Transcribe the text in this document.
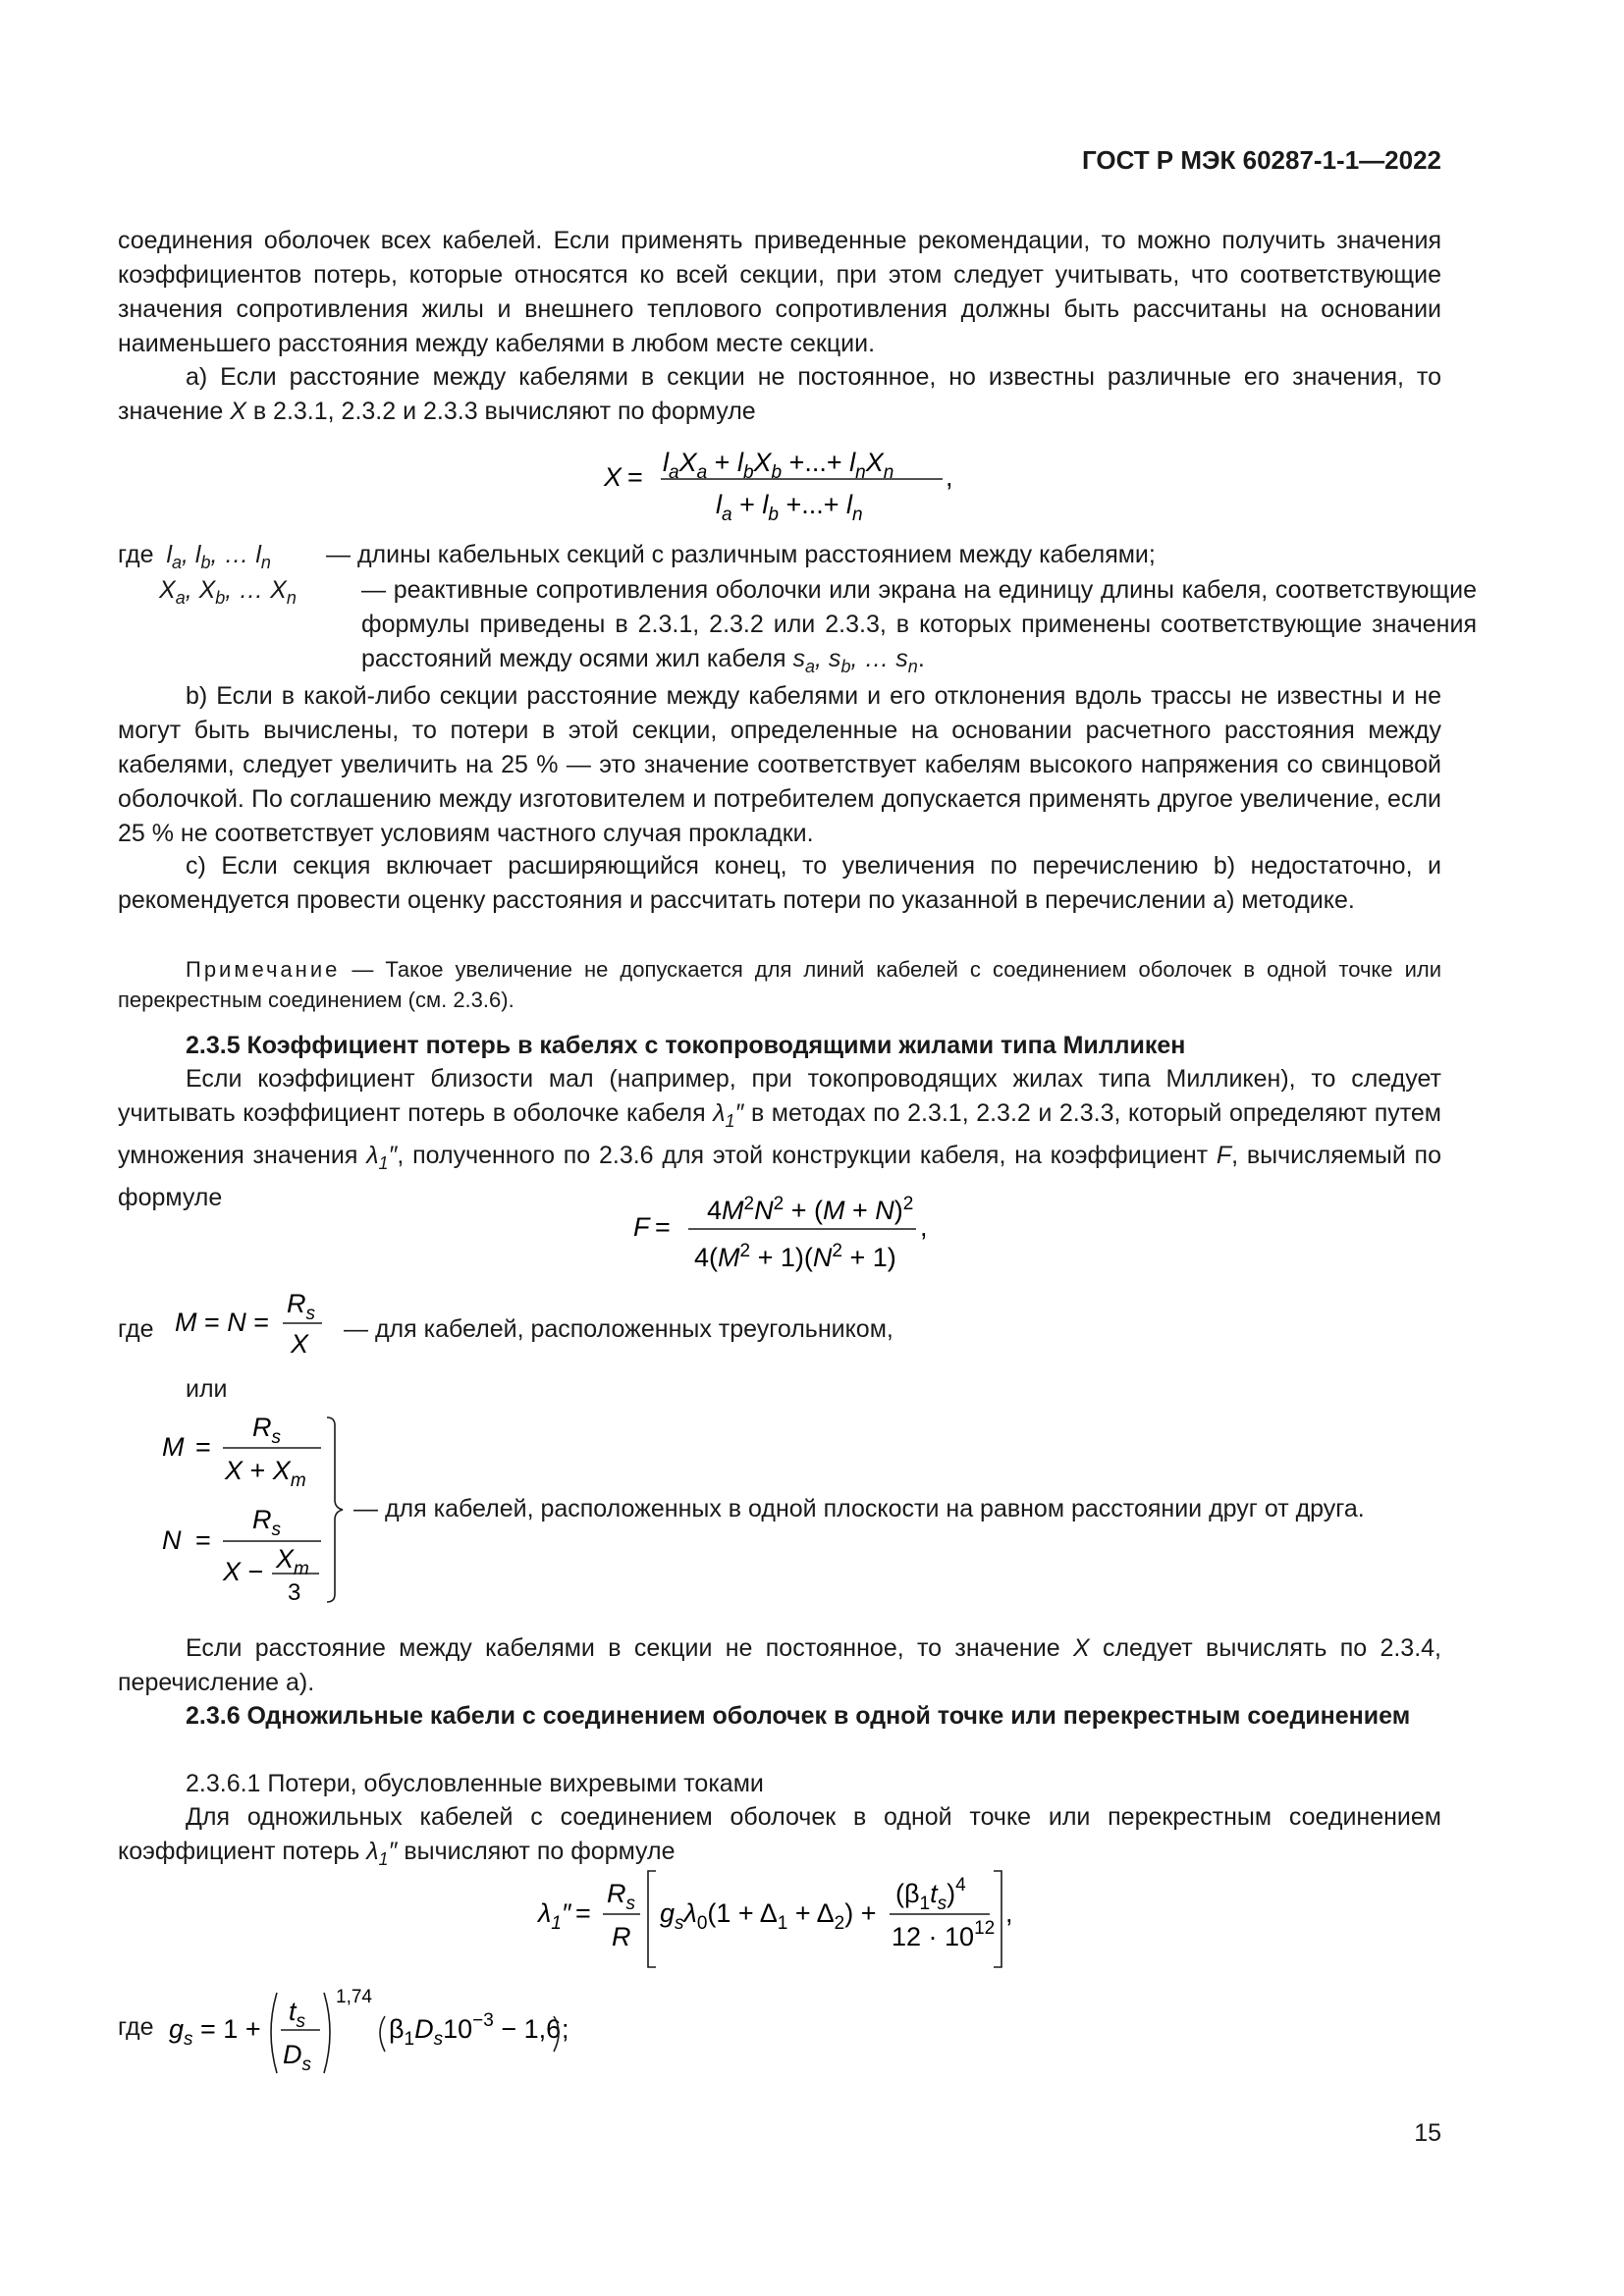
ГОСТ Р МЭК 60287-1-1—2022

соединения оболочек всех кабелей. Если применять приведенные рекомендации, то можно получить значения коэффициентов потерь, которые относятся ко всей секции, при этом следует учитывать, что соответствующие значения сопротивления жилы и внешнего теплового сопротивления должны быть рассчитаны на основании наименьшего расстояния между кабелями в любом месте секции.

a) Если расстояние между кабелями в секции не постоянное, но известны различные его значения, то значение X в 2.3.1, 2.3.2 и 2.3.3 вычисляют по формуле

$X = l_aX_a + l_bX_b$ +...+ $l_nX_n$
$l_a + l_b$ +...+ $l_n$
,
где $l_a$, $l_b$, … $l_n$ — длины кабельных секций с различным расстоянием между кабелями;
$X_a$, $X_b$, … $X_n$	— реактивные сопротивления оболочки или экрана на единицу длины кабеля, соответствующие формулы приведены в 2.3.1, 2.3.2 или 2.3.3, в которых применены соответствующие значения расстояний между осями жил кабеля $s_a$, $s_b$, … $s_n$.

b) Если в какой-либо секции расстояние между кабелями и его отклонения вдоль трассы не известны и не могут быть вычислены, то потери в этой секции, определенные на основании расчетного расстояния между кабелями, следует увеличить на 25 % — это значение соответствует кабелям высокого напряжения со свинцовой оболочкой. По соглашению между изготовителем и потребителем допускается применять другое увеличение, если 25 % не соответствует условиям частного случая прокладки.

c) Если секция включает расширяющийся конец, то увеличения по перечислению b) недостаточно, и рекомендуется провести оценку расстояния и рассчитать потери по указанной в перечислении a) методике.

Примечание — Такое увеличение не допускается для линий кабелей с соединением оболочек в одной точке или перекрестным соединением (см. 2.3.6).

2.3.5 Коэффициент потерь в кабелях с токопроводящими жилами типа Милликен

Если коэффициент близости мал (например, при токопроводящих жилах типа Милликен), то следует учитывать коэффициент потерь в оболочке кабеля $\lambda_1''$ в методах по 2.3.1, 2.3.2 и 2.3.3, который определяют путем умножения значения $\lambda_1''$, полученного по 2.3.6 для этой конструкции кабеля, на коэффициент F, вычисляемый по формуле

F =
$4M^2N^2 + (M + N)^2$
$4(M^2 + 1)(N^2 + 1)$
,
где M = N =
$R_s$
X — для кабелей, расположенных треугольником,
или
M =
$R_s$
$X + X_m$
N =
$R_s$
$X - X_m$
3
— для кабелей, расположенных в одной плоскости на равном расстоянии друг от друга.

Если расстояние между кабелями в секции не постоянное, то значение X следует вычислять по 2.3.4, перечисление а).

2.3.6 Одножильные кабели с соединением оболочек в одной точке или перекрестным соединением

2.3.6.1 Потери, обусловленные вихревыми токами

Для одножильных кабелей с соединением оболочек в одной точке или перекрестным соединением коэффициент потерь $\lambda_1''$ вычисляют по формуле

$\lambda_1''$ =
$R_s$
R
$g_s\lambda_0(1 + \Delta_1 + \Delta_2)$ +
$(\beta_1t_s)^4$
$12 \cdot 10^{12}$
,
где $g_s = 1$ +
$t_s$
$D_s$
1,74
$\beta_1D_s10^{-3} - 1,6$ ;
15
